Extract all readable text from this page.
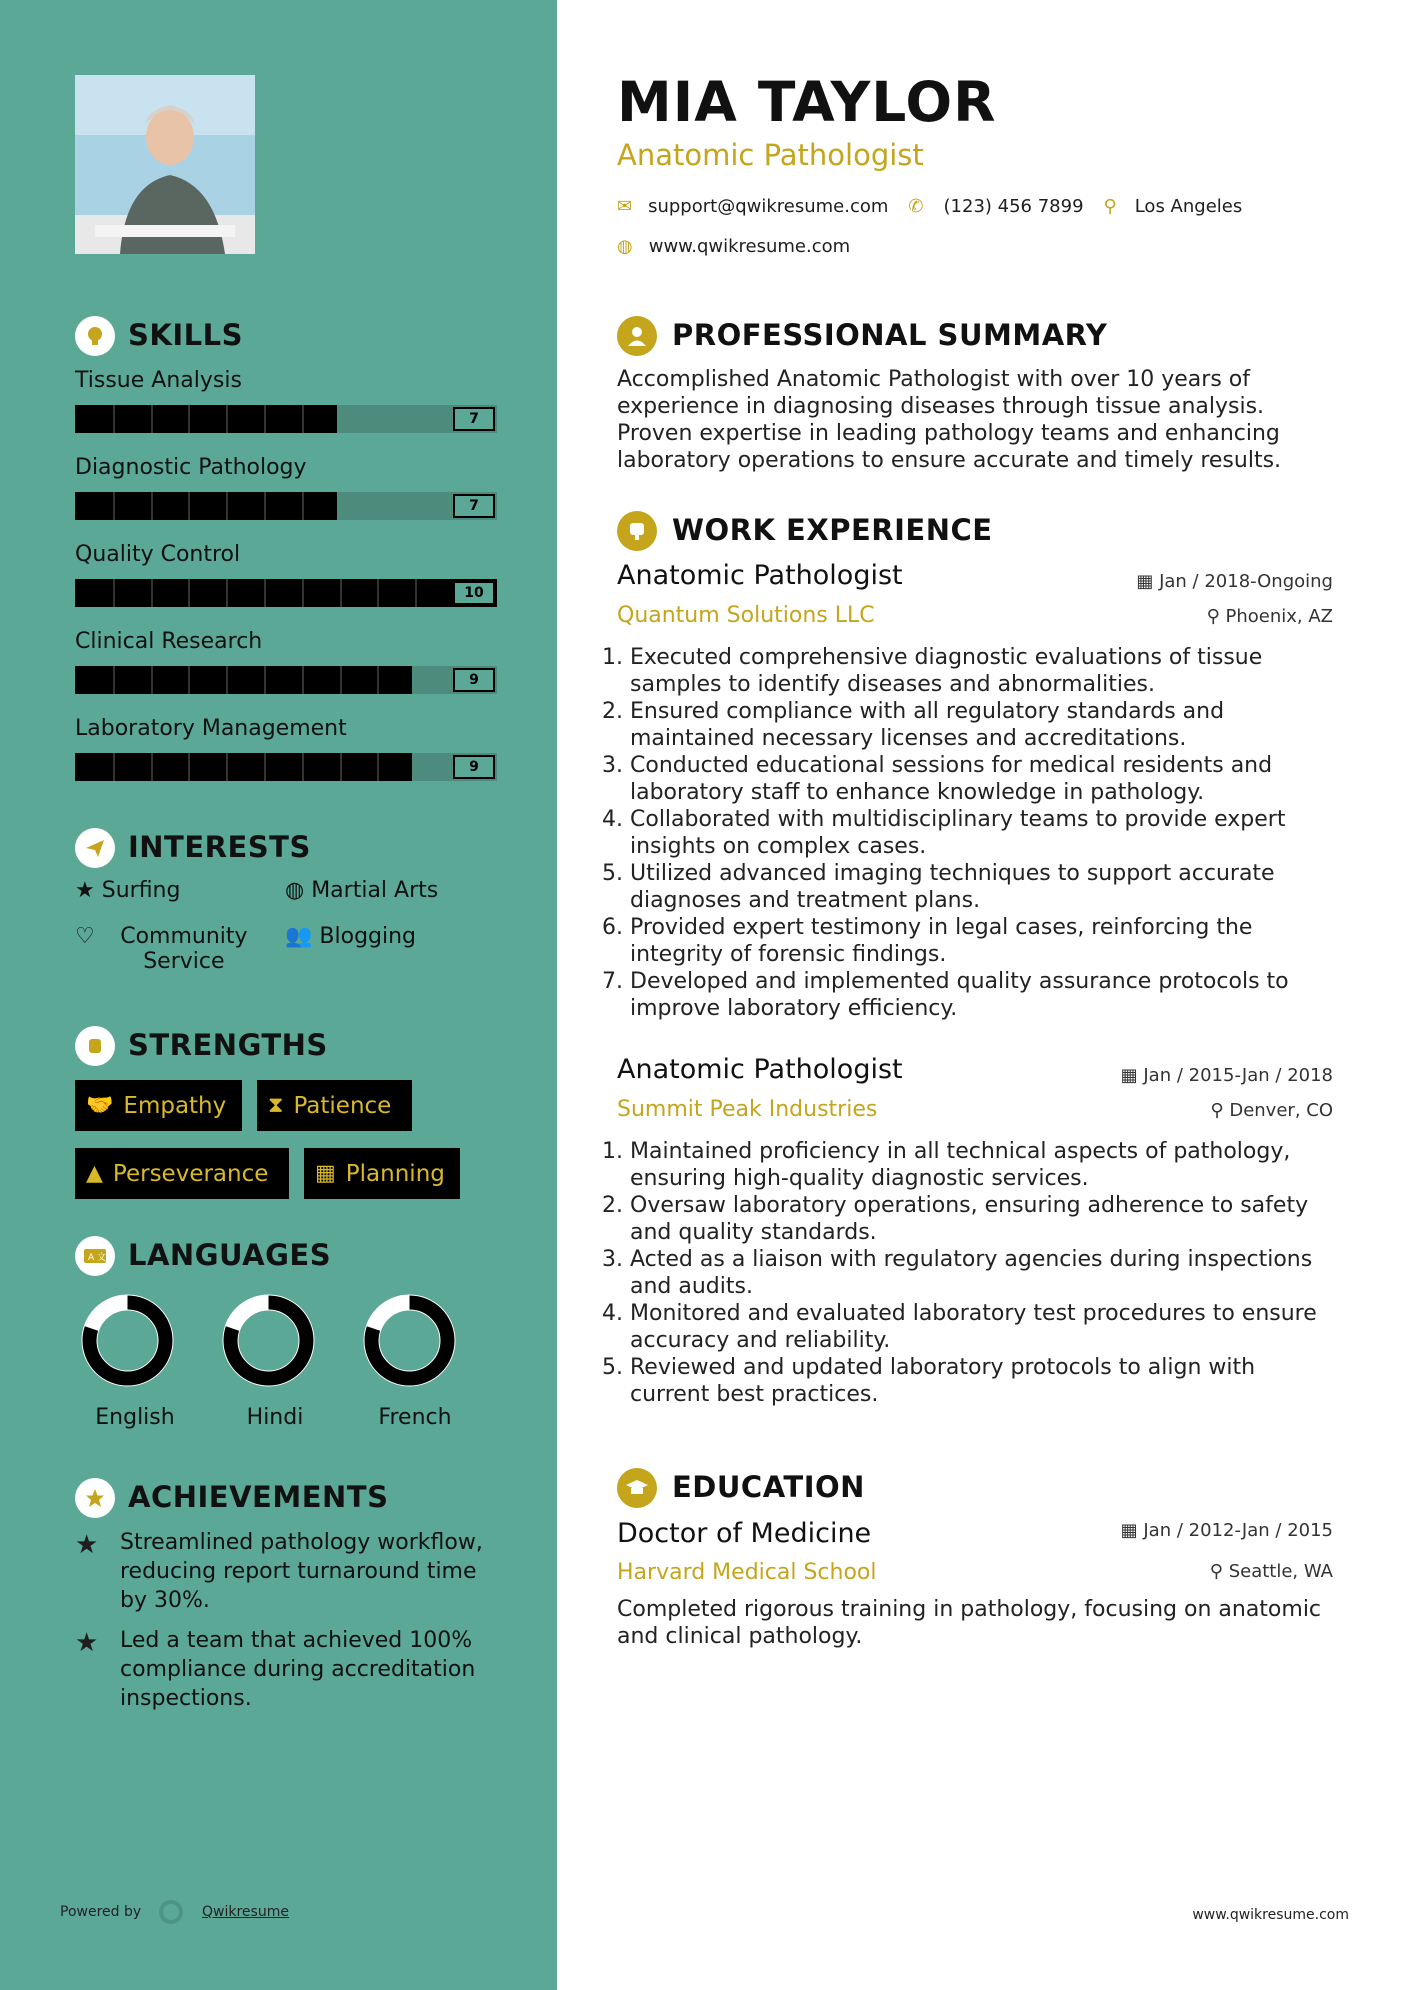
SKILLS
Tissue Analysis
7
Diagnostic Pathology
7
Quality Control
10
Clinical Research
9
Laboratory Management
9
INTERESTS
★ Surfing	◍ Martial Arts
♡	Community Service
👥 Blogging
STRENGTHS
🤝 Empathy ⧗ Patience
▲ Perseverance ▦ Planning
A 文 LANGUAGES
English	Hindi	French
ACHIEVEMENTS
★ Streamlined pathology workflow, reducing report turnaround time by 30%.
★ Led a team that achieved 100% compliance during accreditation inspections.
Powered by	Qwikresume
MIA TAYLOR
Anatomic Pathologist
✉ support@qwikresume.com ✆ (123) 456 7899 ⚲ Los Angeles
◍ www.qwikresume.com
PROFESSIONAL SUMMARY
Accomplished Anatomic Pathologist with over 10 years of experience in diagnosing diseases through tissue analysis. Proven expertise in leading pathology teams and enhancing laboratory operations to ensure accurate and timely results.
WORK EXPERIENCE
Anatomic Pathologist	▦ Jan / 2018-Ongoing
Quantum Solutions LLC	⚲ Phoenix, AZ
1. Executed comprehensive diagnostic evaluations of tissue samples to identify diseases and abnormalities.
2. Ensured compliance with all regulatory standards and maintained necessary licenses and accreditations.
3. Conducted educational sessions for medical residents and laboratory staff to enhance knowledge in pathology.
4. Collaborated with multidisciplinary teams to provide expert insights on complex cases.
5. Utilized advanced imaging techniques to support accurate diagnoses and treatment plans.
6. Provided expert testimony in legal cases, reinforcing the integrity of forensic findings.
7. Developed and implemented quality assurance protocols to improve laboratory efficiency.
Anatomic Pathologist	▦ Jan / 2015-Jan / 2018
Summit Peak Industries	⚲ Denver, CO
1. Maintained proficiency in all technical aspects of pathology, ensuring high-quality diagnostic services.
2. Oversaw laboratory operations, ensuring adherence to safety and quality standards.
3. Acted as a liaison with regulatory agencies during inspections and audits.
4. Monitored and evaluated laboratory test procedures to ensure accuracy and reliability.
5. Reviewed and updated laboratory protocols to align with current best practices.
EDUCATION
Doctor of Medicine	▦ Jan / 2012-Jan / 2015
Harvard Medical School	⚲ Seattle, WA
Completed rigorous training in pathology, focusing on anatomic and clinical pathology.
www.qwikresume.com
